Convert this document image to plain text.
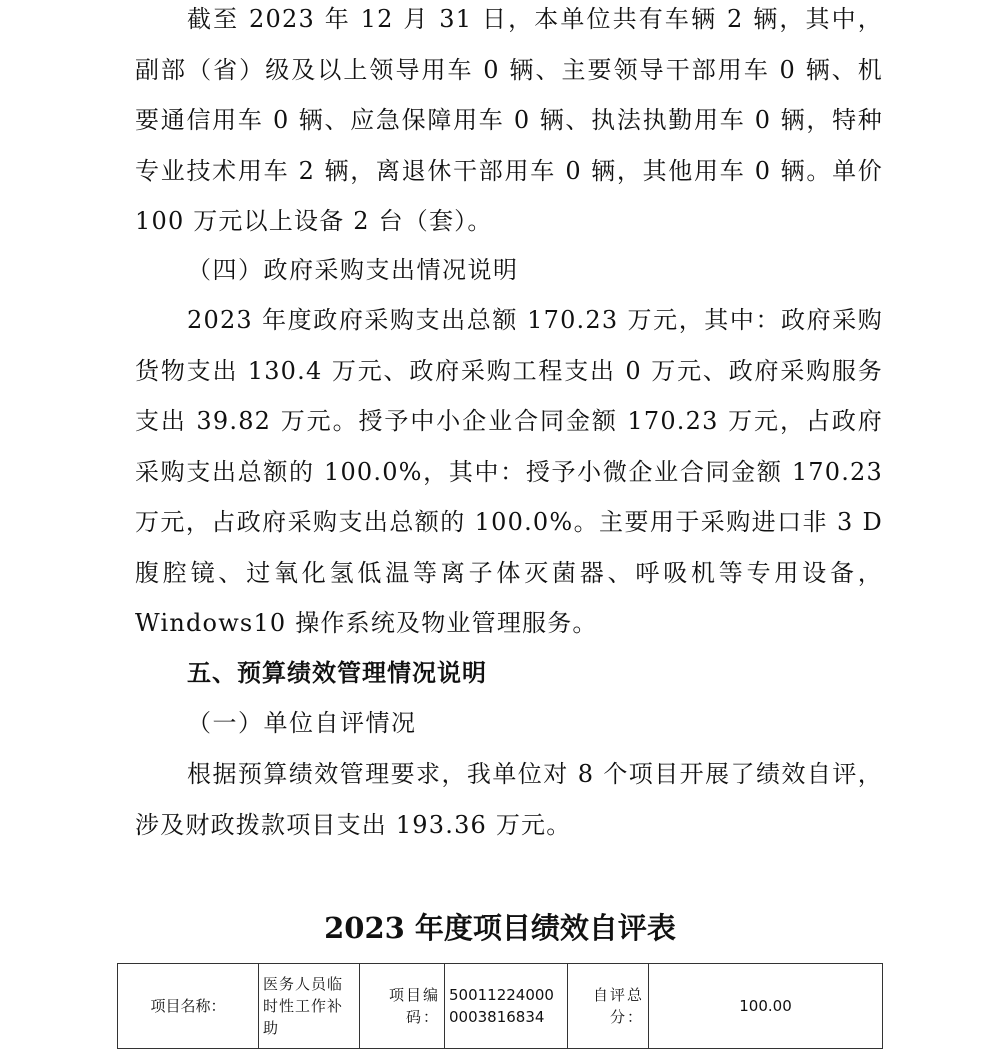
截至 2023 年 12 月 31 日，本单位共有车辆 2 辆，其中，副部（省）级及以上领导用车 0 辆、主要领导干部用车 0 辆、机要通信用车 0 辆、应急保障用车 0 辆、执法执勤用车 0 辆，特种专业技术用车 2 辆，离退休干部用车 0 辆，其他用车 0 辆。单价 100 万元以上设备 2 台（套）。

（四）政府采购支出情况说明

2023 年度政府采购支出总额 170.23 万元，其中：政府采购货物支出 130.4 万元、政府采购工程支出 0 万元、政府采购服务支出 39.82 万元。授予中小企业合同金额 170.23 万元，占政府采购支出总额的 100.0%，其中：授予小微企业合同金额 170.23 万元，占政府采购支出总额的 100.0%。主要用于采购进口非 3 D腹腔镜、过氧化氢低温等离子体灭菌器、呼吸机等专用设备，Windows10 操作系统及物业管理服务。

五、预算绩效管理情况说明

（一）单位自评情况

根据预算绩效管理要求，我单位对 8 个项目开展了绩效自评，涉及财政拨款项目支出 193.36 万元。

2023 年度项目绩效自评表

项目名称：	医务人员临时性工作补助	项目编码：	500112240000003816834	自评总分：	100.00
